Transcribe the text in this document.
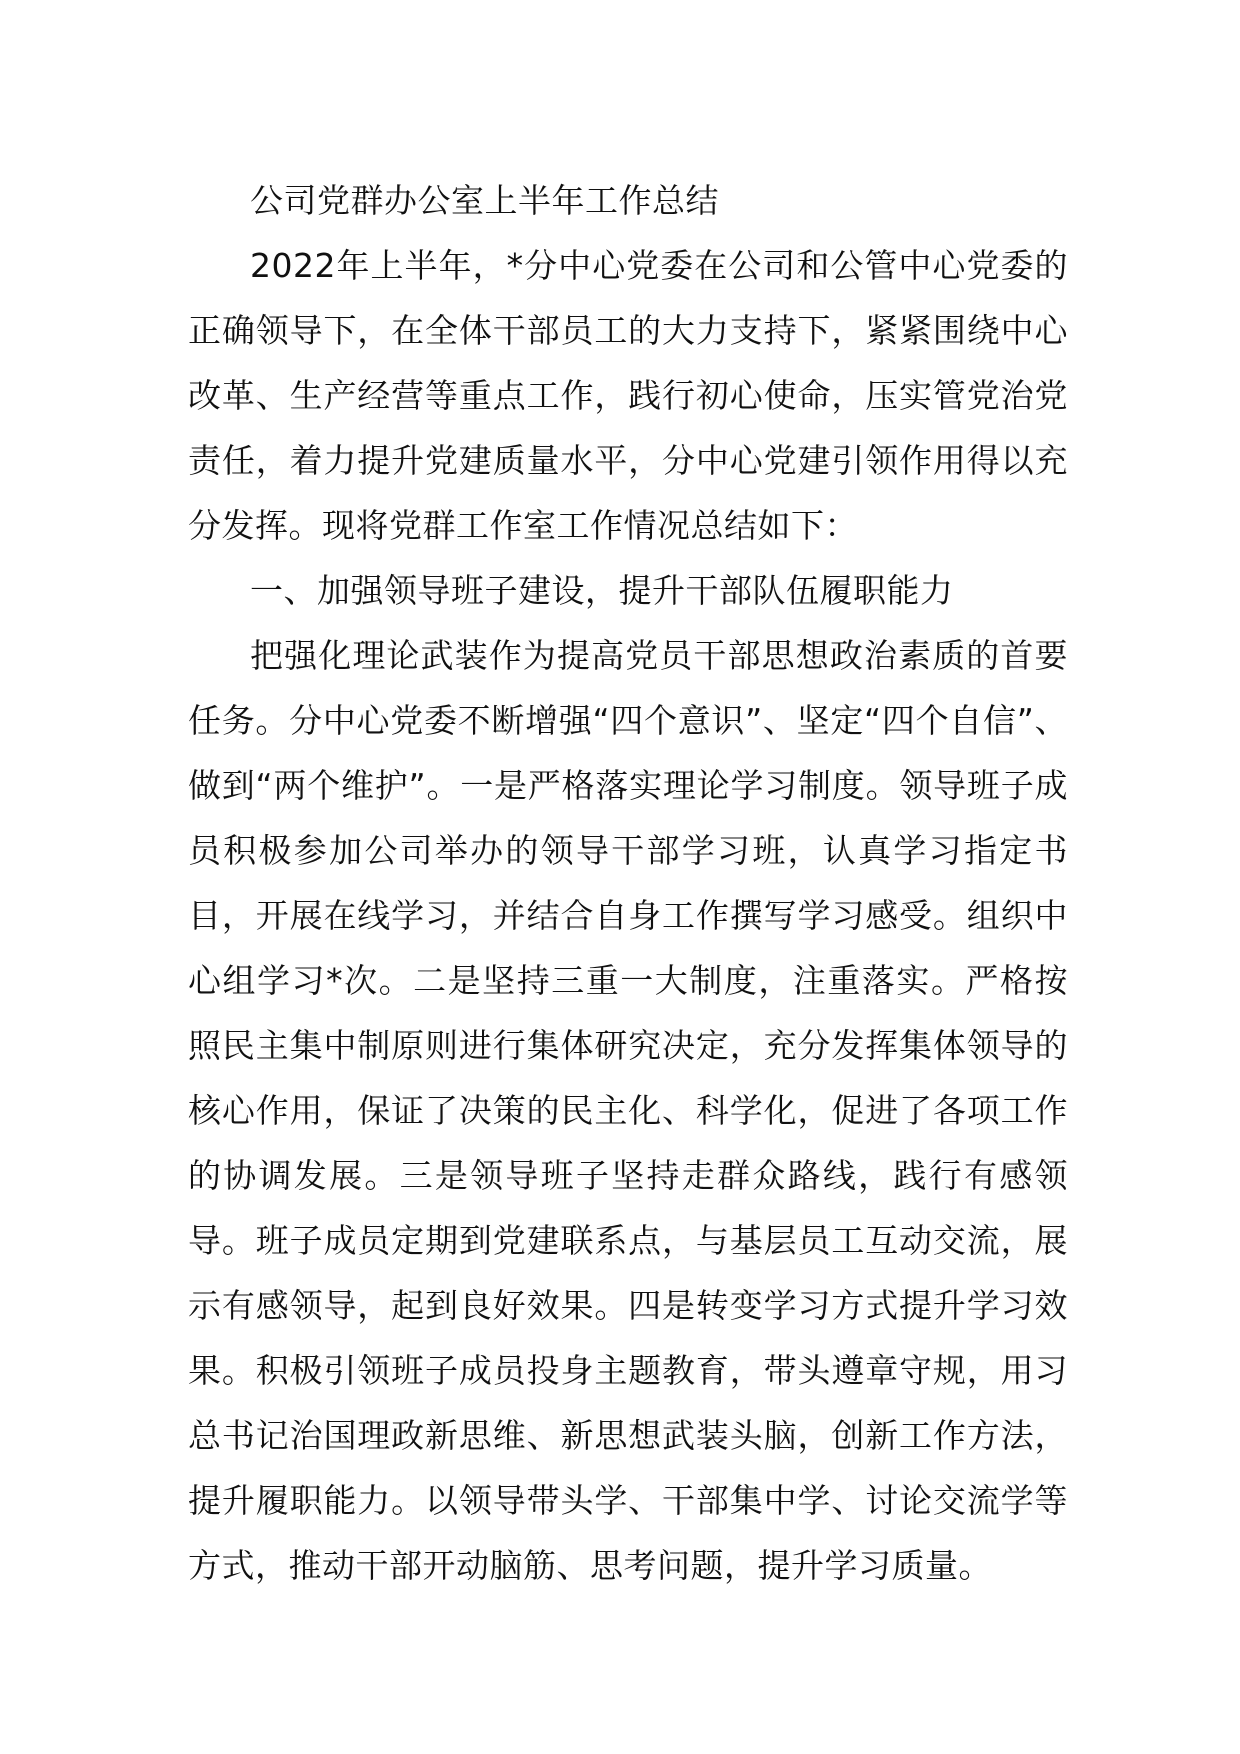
公司党群办公室上半年工作总结

2022年上半年，*分中心党委在公司和公管中心党委的正确领导下，在全体干部员工的大力支持下，紧紧围绕中心改革、生产经营等重点工作，践行初心使命，压实管党治党责任，着力提升党建质量水平，分中心党建引领作用得以充分发挥。现将党群工作室工作情况总结如下：

一、加强领导班子建设，提升干部队伍履职能力

把强化理论武装作为提高党员干部思想政治素质的首要任务。分中心党委不断增强“四个意识”、坚定“四个自信”、做到“两个维护”。一是严格落实理论学习制度。领导班子成员积极参加公司举办的领导干部学习班，认真学习指定书目，开展在线学习，并结合自身工作撰写学习感受。组织中心组学习*次。二是坚持三重一大制度，注重落实。严格按照民主集中制原则进行集体研究决定，充分发挥集体领导的核心作用，保证了决策的民主化、科学化，促进了各项工作的协调发展。三是领导班子坚持走群众路线，践行有感领导。班子成员定期到党建联系点，与基层员工互动交流，展示有感领导，起到良好效果。四是转变学习方式提升学习效果。积极引领班子成员投身主题教育，带头遵章守规，用习总书记治国理政新思维、新思想武装头脑，创新工作方法，提升履职能力。以领导带头学、干部集中学、讨论交流学等方式，推动干部开动脑筋、思考问题，提升学习质量。
